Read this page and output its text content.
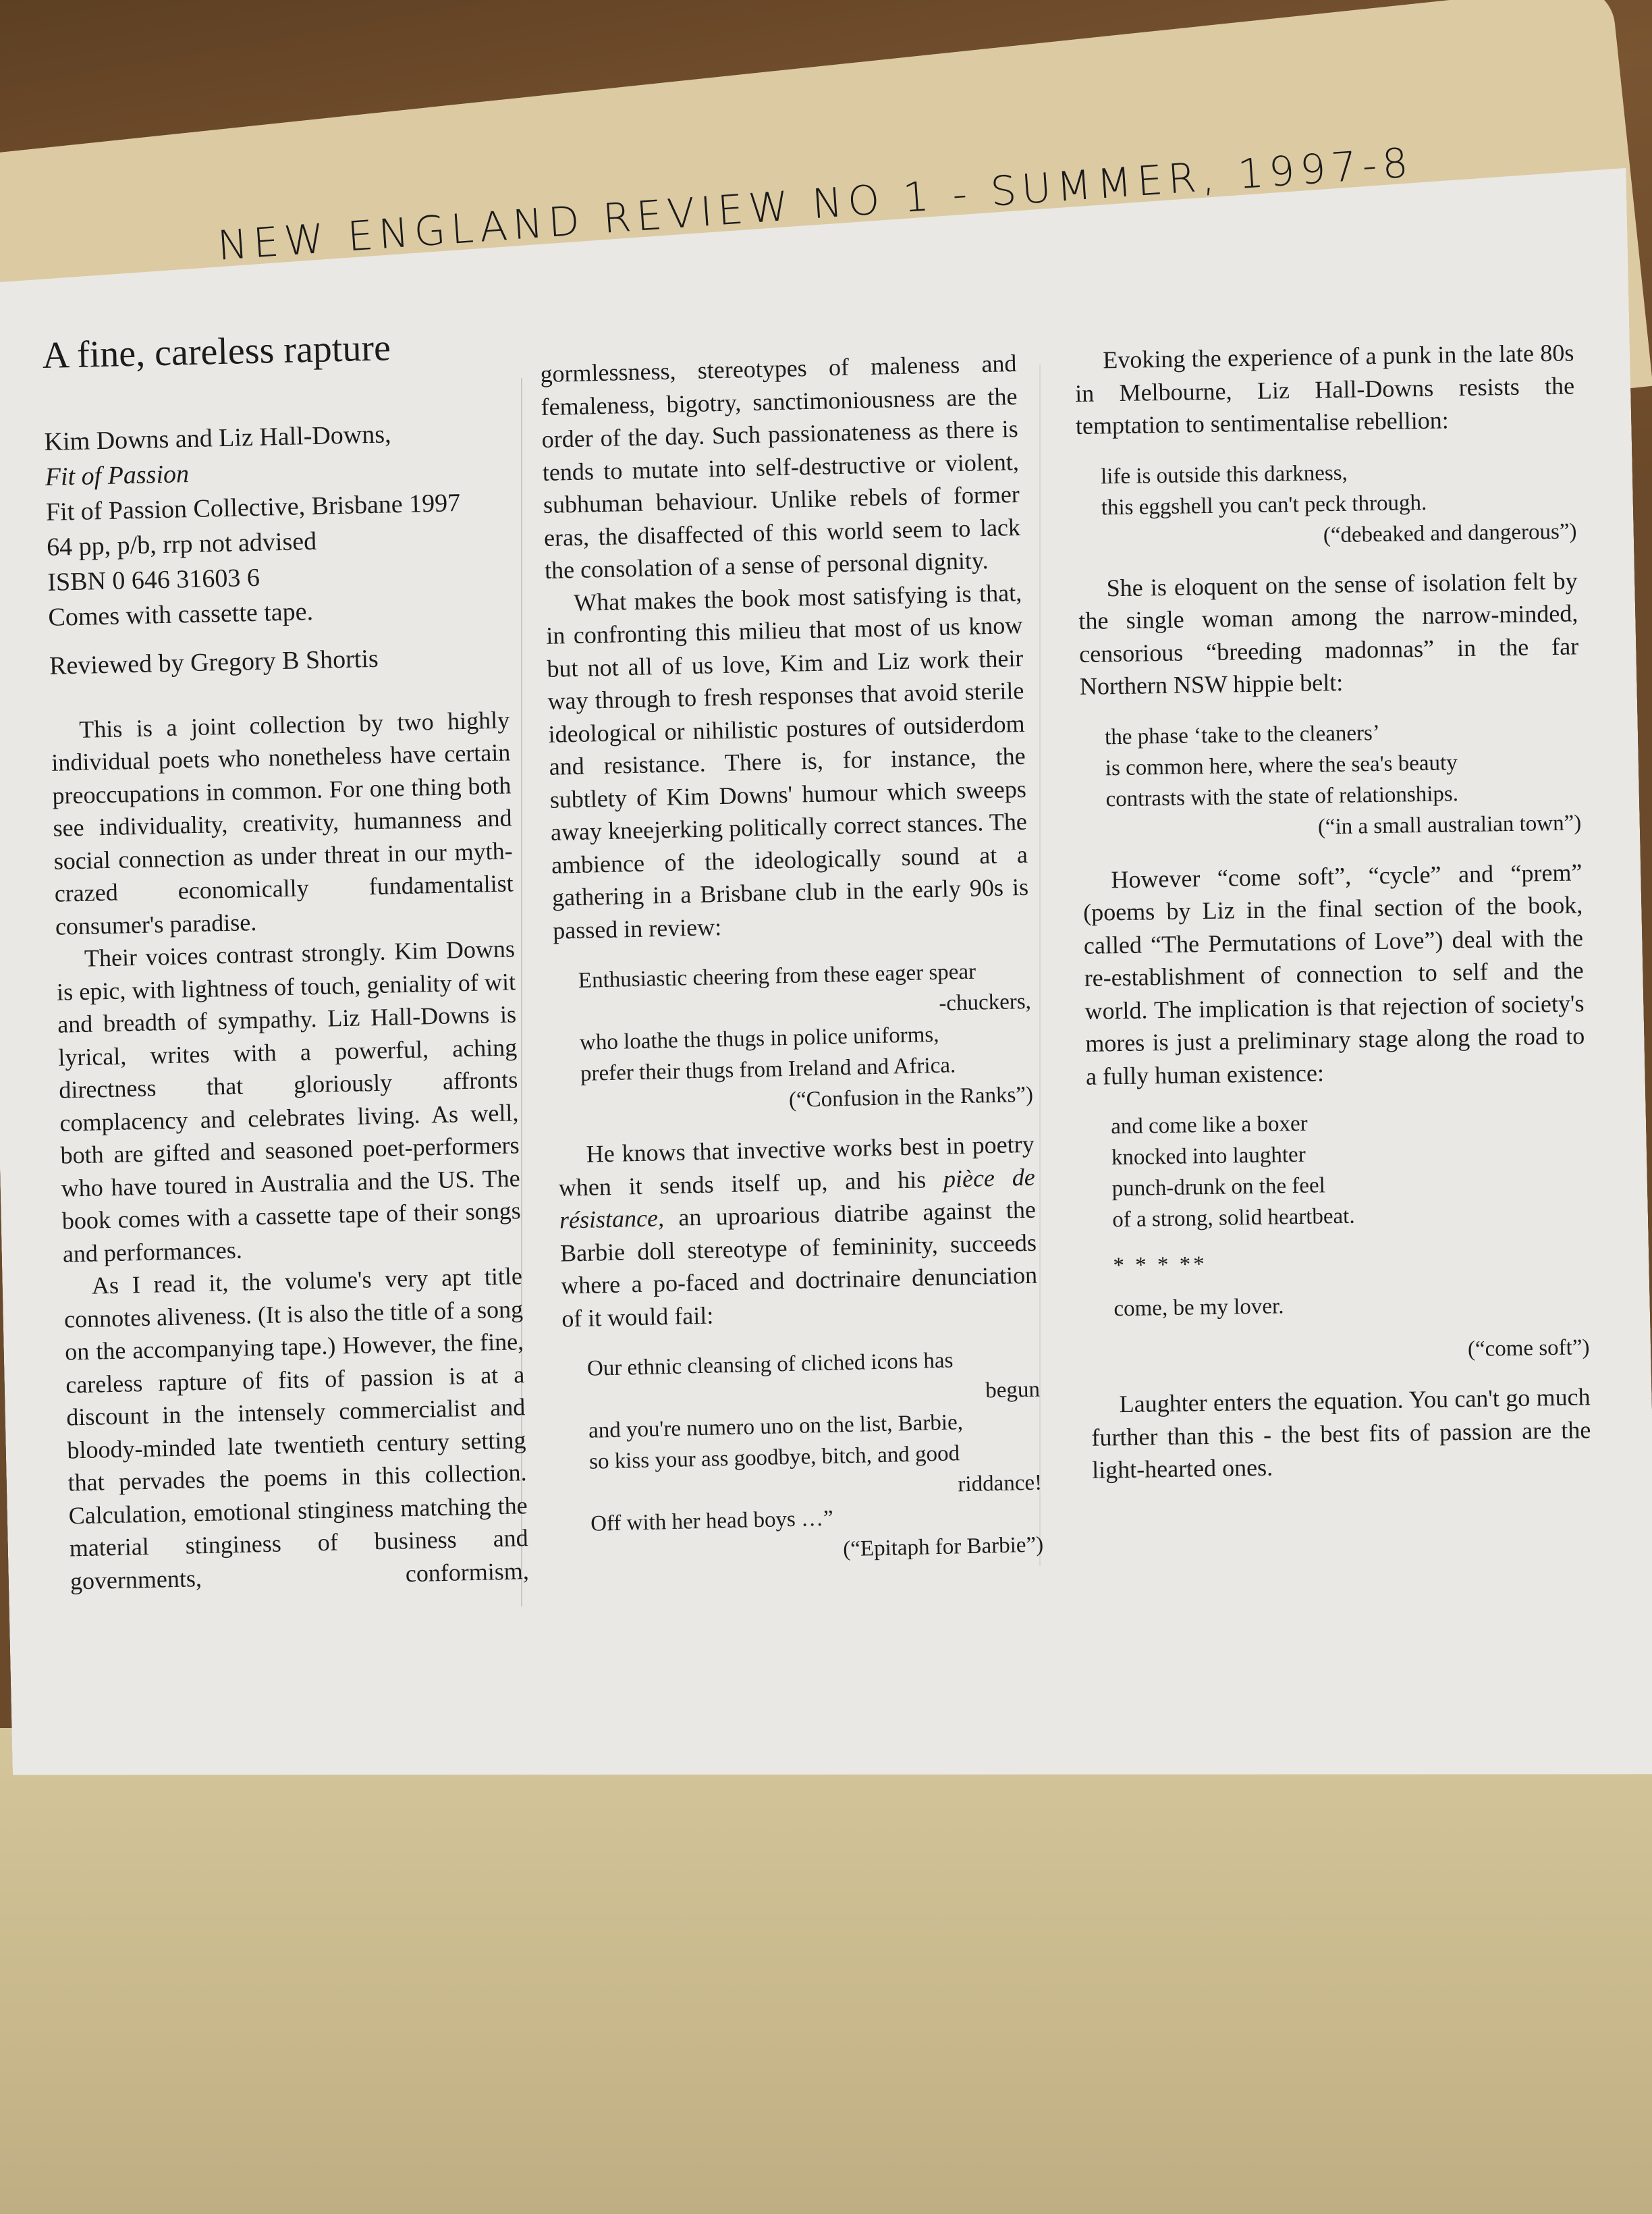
NEW ENGLAND REVIEW NO 1 - SUMMER, 1997-8
A fine, careless rapture
Kim Downs and Liz Hall-Downs,
Fit of Passion
Fit of Passion Collective, Brisbane 1997
64 pp, p/b, rrp not advised
ISBN 0 646 31603 6
Comes with cassette tape.
Reviewed by Gregory B Shortis

This is a joint collection by two highly individual poets who nonetheless have certain preoccupations in common. For one thing both see individuality, creativity, humanness and social connection as under threat in our myth-crazed economically fundamentalist consumer's paradise.

Their voices contrast strongly. Kim Downs is epic, with lightness of touch, geniality of wit and breadth of sympathy. Liz Hall-Downs is lyrical, writes with a powerful, aching directness that gloriously affronts complacency and celebrates living. As well, both are gifted and seasoned poet-performers who have toured in Australia and the US. The book comes with a cassette tape of their songs and performances.

As I read it, the volume's very apt title connotes aliveness. (It is also the title of a song on the accompanying tape.) However, the fine, careless rapture of fits of passion is at a discount in the intensely commercialist and bloody-minded late twentieth century setting that pervades the poems in this collection. Calculation, emotional stinginess matching the material stinginess of business and governments, conformism,

gormlessness, stereotypes of maleness and femaleness, bigotry, sanctimoniousness are the order of the day. Such passionateness as there is tends to mutate into self-destructive or violent, subhuman behaviour. Unlike rebels of former eras, the disaffected of this world seem to lack the consolation of a sense of personal dignity.

What makes the book most satisfying is that, in confronting this milieu that most of us know but not all of us love, Kim and Liz work their way through to fresh responses that avoid sterile ideological or nihilistic postures of outsiderdom and resistance. There is, for instance, the subtlety of Kim Downs' humour which sweeps away kneejerking politically correct stances. The ambience of the ideologically sound at a gathering in a Brisbane club in the early 90s is passed in review:

Enthusiastic cheering from these eager spear
-chuckers,
who loathe the thugs in police uniforms,
prefer their thugs from Ireland and Africa.
(“Confusion in the Ranks”)

He knows that invective works best in poetry when it sends itself up, and his pièce de résistance, an uproarious diatribe against the Barbie doll stereotype of femininity, succeeds where a po-faced and doctrinaire denunciation of it would fail:

Our ethnic cleansing of cliched icons has
begun
and you're numero uno on the list, Barbie,
so kiss your ass goodbye, bitch, and good
riddance!
Off with her head boys …”
(“Epitaph for Barbie”)

Evoking the experience of a punk in the late 80s in Melbourne, Liz Hall-Downs resists the temptation to sentimentalise rebellion:

life is outside this darkness,
this eggshell you can't peck through.
(“debeaked and dangerous”)

She is eloquent on the sense of isolation felt by the single woman among the narrow-minded, censorious “breeding madonnas” in the far Northern NSW hippie belt:

the phase ‘take to the cleaners’
is common here, where the sea's beauty
contrasts with the state of relationships.
(“in a small australian town”)

However “come soft”, “cycle” and “prem” (poems by Liz in the final section of the book, called “The Permutations of Love”) deal with the re-establishment of connection to self and the world. The implication is that rejection of society's mores is just a preliminary stage along the road to a fully human existence:

and come like a boxer
knocked into laughter
punch-drunk on the feel
of a strong, solid heartbeat.
* * * **
come, be my lover.
(“come soft”)

Laughter enters the equation. You can't go much further than this - the best fits of passion are the light-hearted ones.
